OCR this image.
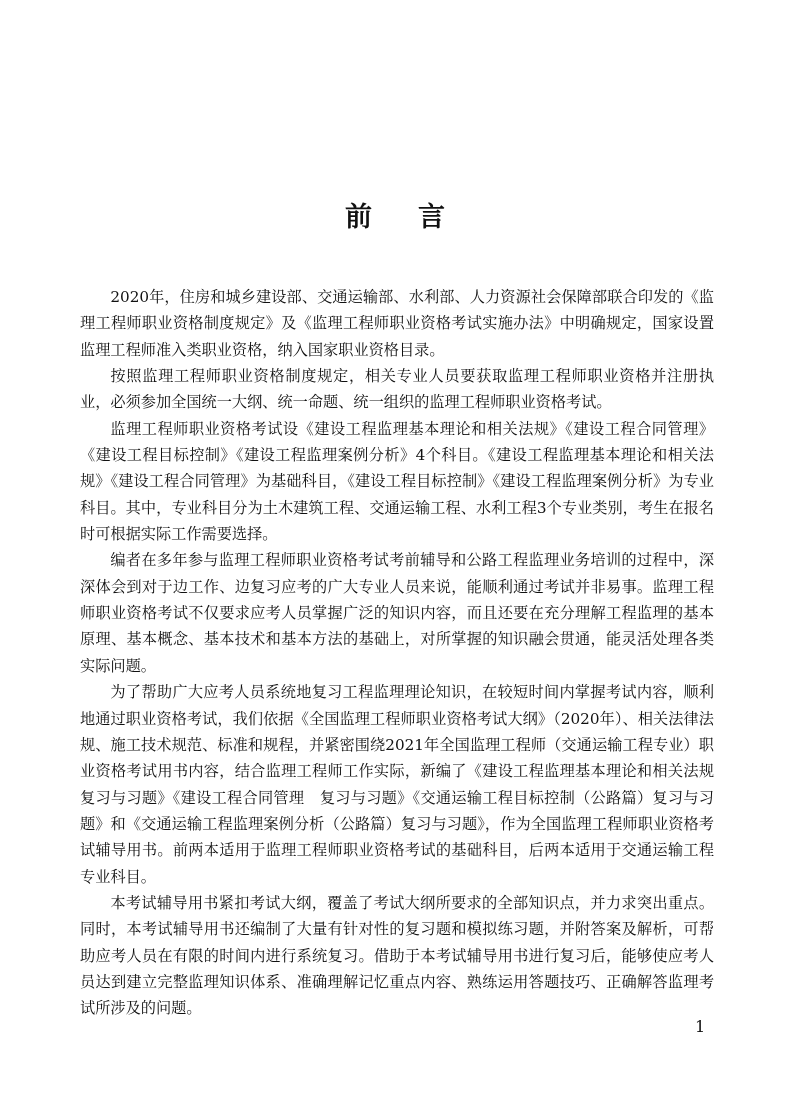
前言

2020年，住房和城乡建设部、交通运输部、水利部、人力资源社会保障部联合印发的《监理工程师职业资格制度规定》及《监理工程师职业资格考试实施办法》中明确规定，国家设置监理工程师准入类职业资格，纳入国家职业资格目录。

按照监理工程师职业资格制度规定，相关专业人员要获取监理工程师职业资格并注册执业，必须参加全国统一大纲、统一命题、统一组织的监理工程师职业资格考试。

监理工程师职业资格考试设《建设工程监理基本理论和相关法规》《建设工程合同管理》《建设工程目标控制》《建设工程监理案例分析》4个科目。《建设工程监理基本理论和相关法规》《建设工程合同管理》为基础科目，《建设工程目标控制》《建设工程监理案例分析》为专业科目。其中，专业科目分为土木建筑工程、交通运输工程、水利工程3个专业类别，考生在报名时可根据实际工作需要选择。

编者在多年参与监理工程师职业资格考试考前辅导和公路工程监理业务培训的过程中，深深体会到对于边工作、边复习应考的广大专业人员来说，能顺利通过考试并非易事。监理工程师职业资格考试不仅要求应考人员掌握广泛的知识内容，而且还要在充分理解工程监理的基本原理、基本概念、基本技术和基本方法的基础上，对所掌握的知识融会贯通，能灵活处理各类实际问题。

为了帮助广大应考人员系统地复习工程监理理论知识，在较短时间内掌握考试内容，顺利地通过职业资格考试，我们依据《全国监理工程师职业资格考试大纲》（2020年）、相关法律法规、施工技术规范、标准和规程，并紧密围绕2021年全国监理工程师（交通运输工程专业）职业资格考试用书内容，结合监理工程师工作实际，新编了《建设工程监理基本理论和相关法规复习与习题》《建设工程合同管理　复习与习题》《交通运输工程目标控制（公路篇）复习与习题》和《交通运输工程监理案例分析（公路篇）复习与习题》，作为全国监理工程师职业资格考试辅导用书。前两本适用于监理工程师职业资格考试的基础科目，后两本适用于交通运输工程专业科目。

本考试辅导用书紧扣考试大纲，覆盖了考试大纲所要求的全部知识点，并力求突出重点。同时，本考试辅导用书还编制了大量有针对性的复习题和模拟练习题，并附答案及解析，可帮助应考人员在有限的时间内进行系统复习。借助于本考试辅导用书进行复习后，能够使应考人员达到建立完整监理知识体系、准确理解记忆重点内容、熟练运用答题技巧、正确解答监理考试所涉及的问题。

1
